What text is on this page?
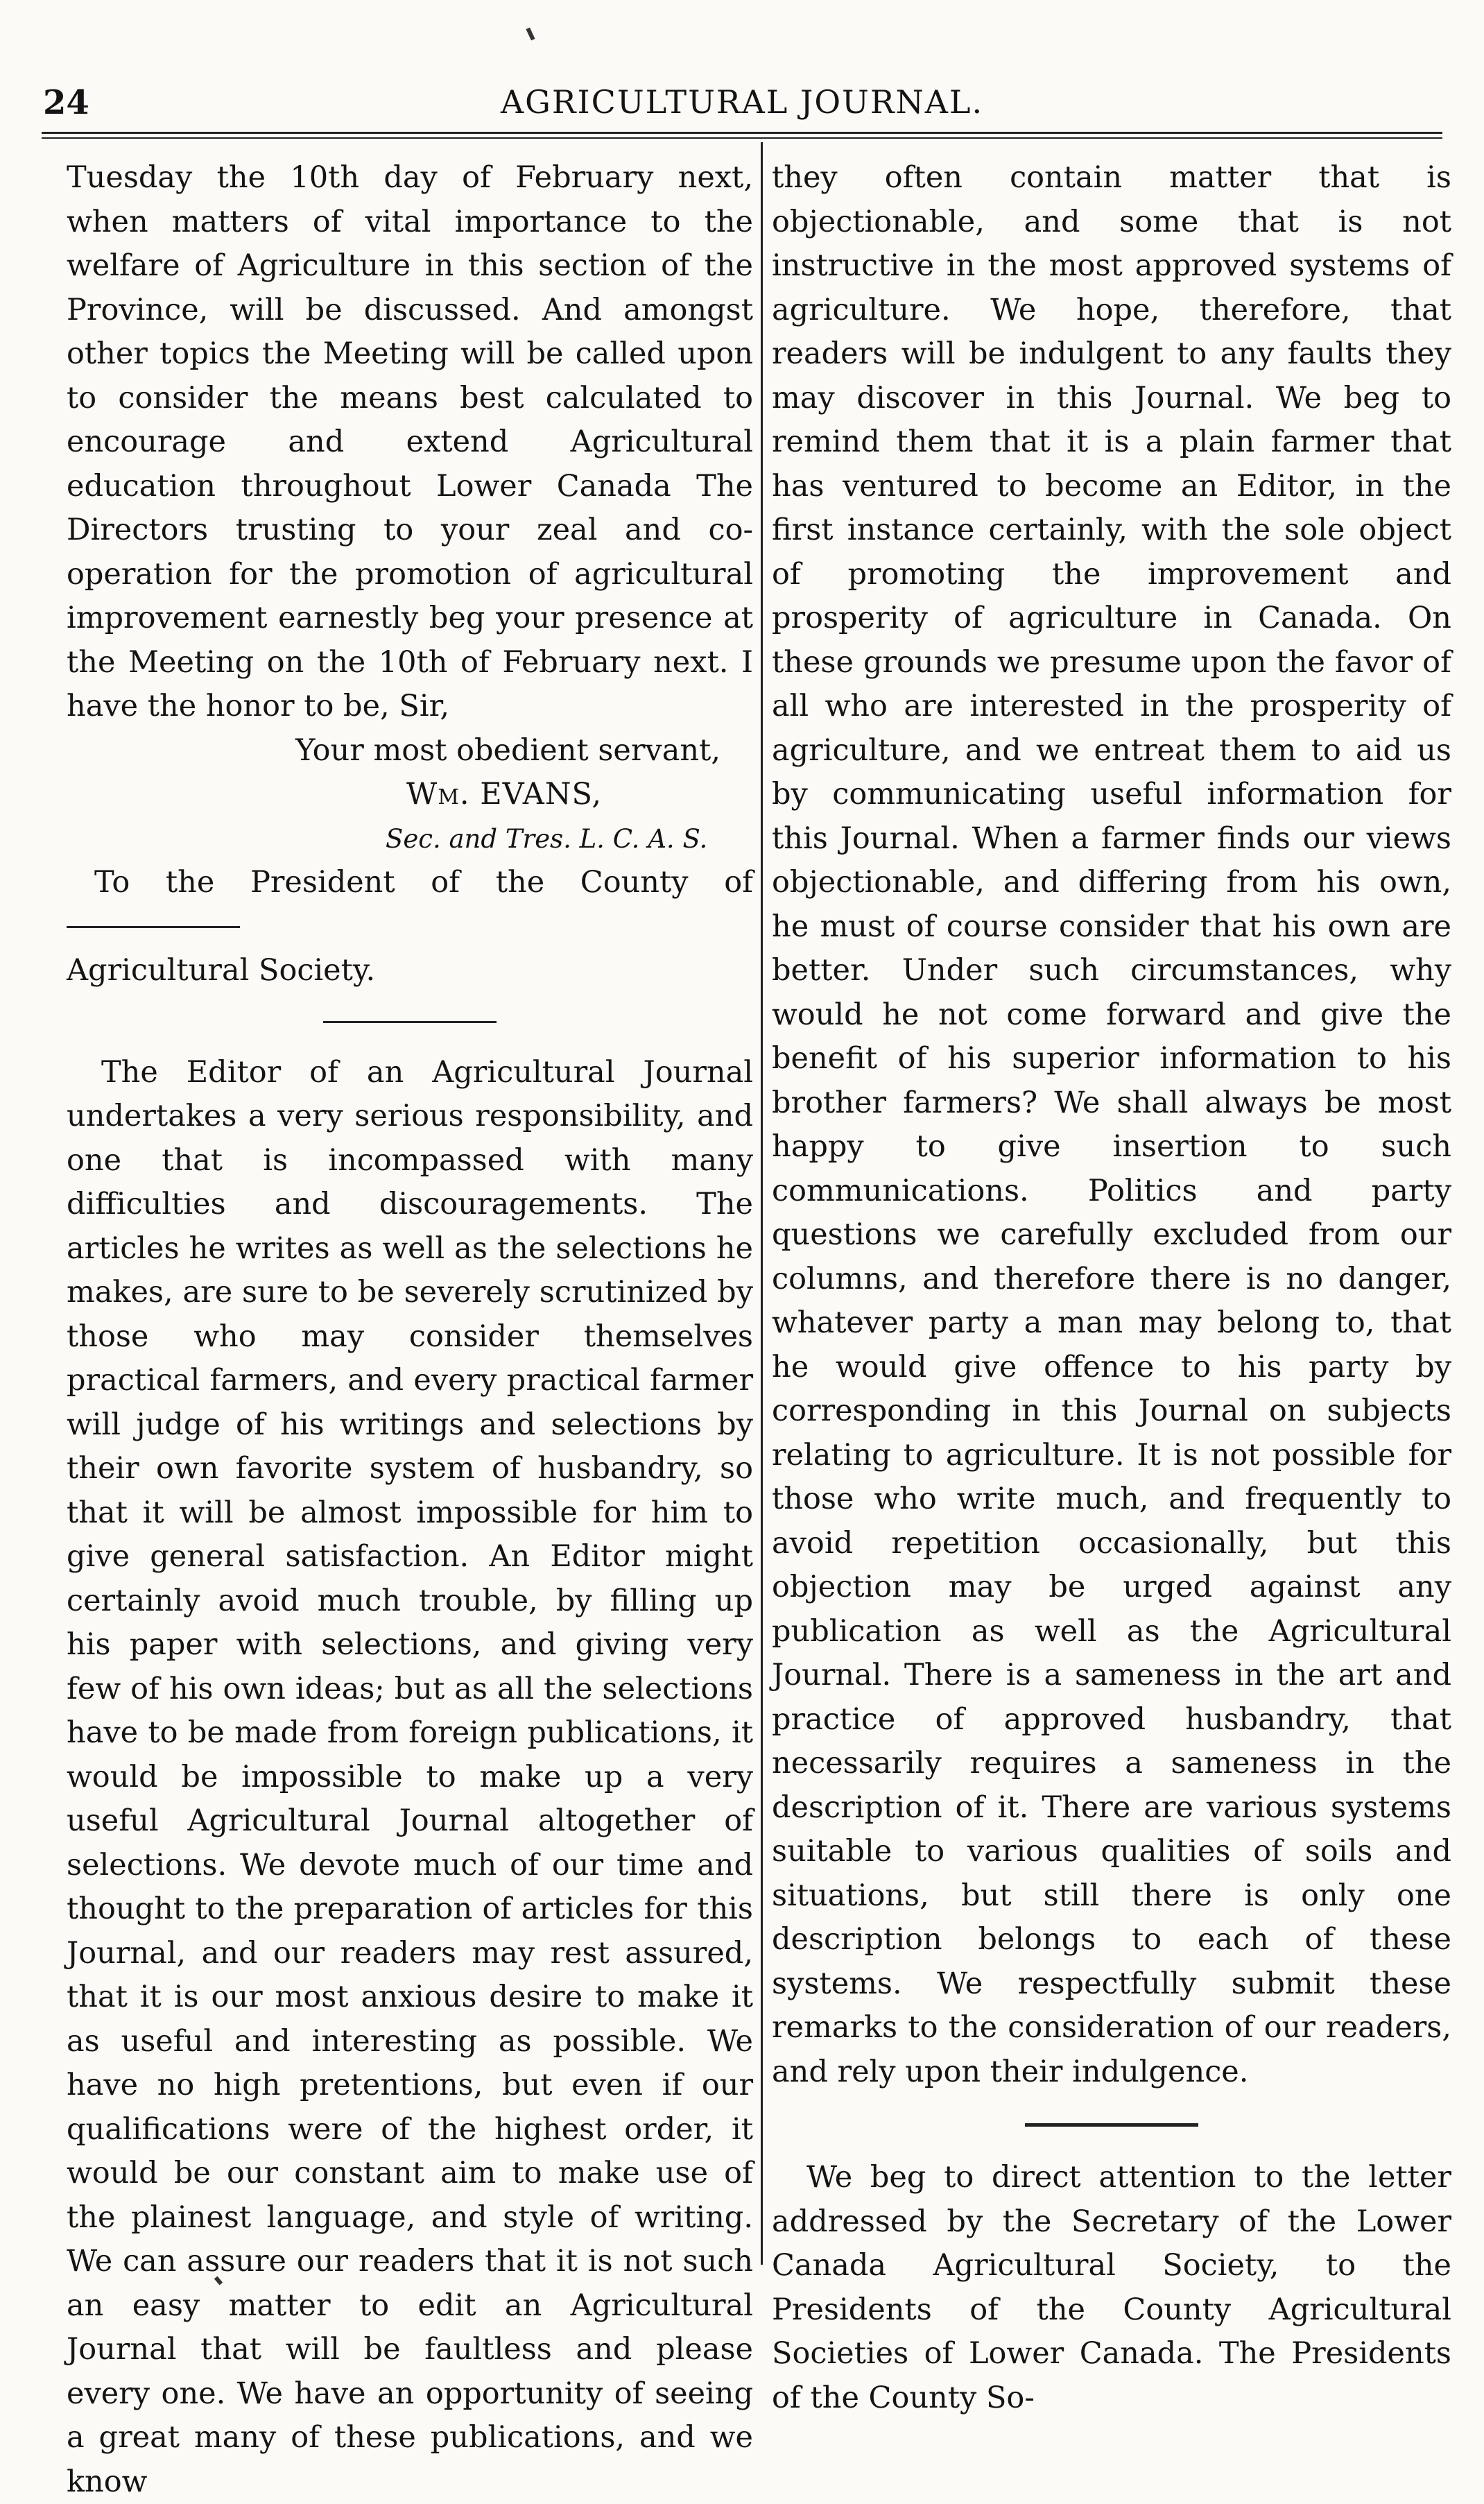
24	AGRICULTURAL JOURNAL.

Tuesday the 10th day of February next, when matters of vital importance to the welfare of Agriculture in this section of the Province, will be discussed. And amongst other topics the Meeting will be called upon to consider the means best calculated to encourage and extend Agricultural education throughout Lower Canada The Directors trusting to your zeal and co-operation for the promotion of agricultural improvement earnestly beg your presence at the Meeting on the 10th of February next. I have the honor to be, Sir,

Your most obedient servant,

Wm. EVANS,

Sec. and Tres. L. C. A. S.

To the President of the County of

Agricultural Society.

The Editor of an Agricultural Journal undertakes a very serious responsibility, and one that is incompassed with many difficulties and discouragements. The articles he writes as well as the selections he makes, are sure to be severely scrutinized by those who may consider themselves practical farmers, and every practical farmer will judge of his writings and selections by their own favorite system of husbandry, so that it will be almost impossible for him to give general satisfaction. An Editor might certainly avoid much trouble, by filling up his paper with selections, and giving very few of his own ideas; but as all the selections have to be made from foreign publications, it would be impossible to make up a very useful Agricultural Journal altogether of selections. We devote much of our time and thought to the preparation of articles for this Journal, and our readers may rest assured, that it is our most anxious desire to make it as useful and interesting as possible. We have no high pretentions, but even if our qualifications were of the highest order, it would be our constant aim to make use of the plainest language, and style of writing. We can assure our readers that it is not such an easy matter to edit an Agricultural Journal that will be faultless and please every one. We have an opportunity of seeing a great many of these publications, and we know

they often contain matter that is objectionable, and some that is not instructive in the most approved systems of agriculture. We hope, therefore, that readers will be indulgent to any faults they may discover in this Journal. We beg to remind them that it is a plain farmer that has ventured to become an Editor, in the first instance certainly, with the sole object of promoting the improvement and prosperity of agriculture in Canada. On these grounds we presume upon the favor of all who are interested in the prosperity of agriculture, and we entreat them to aid us by communicating useful information for this Journal. When a farmer finds our views objectionable, and differing from his own, he must of course consider that his own are better. Under such circumstances, why would he not come forward and give the benefit of his superior information to his brother farmers? We shall always be most happy to give insertion to such communications. Politics and party questions we carefully excluded from our columns, and therefore there is no danger, whatever party a man may belong to, that he would give offence to his party by corresponding in this Journal on subjects relating to agriculture. It is not possible for those who write much, and frequently to avoid repetition occasionally, but this objection may be urged against any publication as well as the Agricultural Journal. There is a sameness in the art and practice of approved husbandry, that necessarily requires a sameness in the description of it. There are various systems suitable to various qualities of soils and situations, but still there is only one description belongs to each of these systems. We respectfully submit these remarks to the consideration of our readers, and rely upon their indulgence.

We beg to direct attention to the letter addressed by the Secretary of the Lower Canada Agricultural Society, to the Presidents of the County Agricultural Societies of Lower Canada. The Presidents of the County So-
